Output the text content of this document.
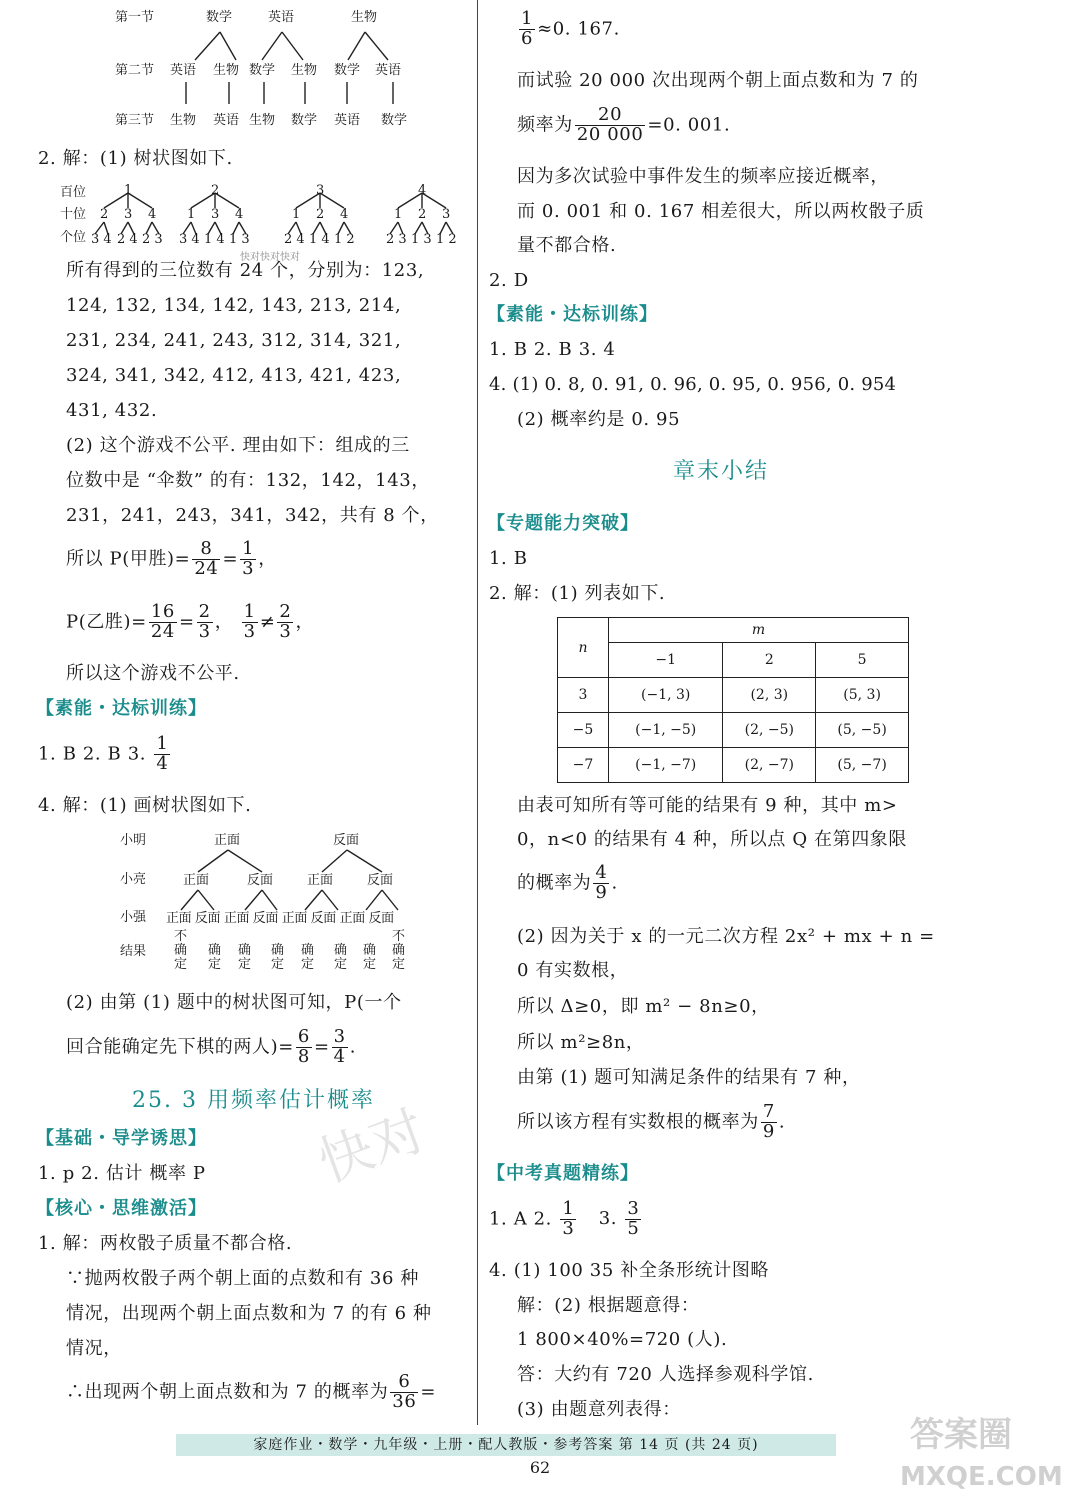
第一节	数学	英语	生物
第二节 英语 生物 数学 生物 数学 英语
第三节 生物 英语 生物 数学 英语 数学
2. 解：(1) 树状图如下.
百位
十位
个位
1	2	3	4
2 3 4 1 3 4	1 2 4	1 2 3
3 4 2 4 2 3 3 4 1 4 1 3	2 4 1 4 1 2 2 3 1 3 1 2
所有得到的三位数有 24 个，分别为：123,
124, 132, 134, 142, 143, 213, 214,
231, 234, 241, 243, 312, 314, 321,
324, 341, 342, 412, 413, 421, 423,
431, 432.
(2) 这个游戏不公平. 理由如下：组成的三
位数中是 “伞数” 的有：132，142，143，
231，241，243，341，342，共有 8 个，
所以 P(甲胜)= $\frac{8}{24} = \frac{1}{3}$ ，
P(乙胜)= $\frac{16}{24} = \frac{2}{3}$ ， $\frac{1}{3} \ne \frac{2}{3}$ ，
所以这个游戏不公平.
【素能・达标训练】
1. B 2. B 3. $\frac{1}{4}$
4. 解：(1) 画树状图如下.
小明
小亮
小强
结果
正面	反面
正面	反面	正面	反面
正面 反面 正面 反面 正面 反面 正面 反面
不确定
确定
确定
确定
确定
确定
确定
不确定
(2) 由第 (1) 题中的树状图可知，P(一个
回合能确定先下棋的两人)= $\frac{6}{8} = \frac{3}{4}$ .
25. 3 用频率估计概率
【基础・导学诱思】
1. p 2. 估计 概率 P
【核心・思维激活】
1. 解：两枚骰子质量不都合格.
∵抛两枚骰子两个朝上面的点数和有 36 种
情况，出现两个朝上面点数和为 7 的有 6 种
情况，
∴出现两个朝上面点数和为 7 的概率为 $\frac{6}{36}$ =
$\frac{1}{6} \approx 0$. 167.
而试验 20 000 次出现两个朝上面点数和为 7 的
频率为 $\frac{20}{20 000} =0$. 001.
因为多次试验中事件发生的频率应接近概率，
而 0. 001 和 0. 167 相差很大，所以两枚骰子质
量不都合格.
2. D
【素能・达标训练】
1. B 2. B 3. 4
4. (1) 0. 8, 0. 91, 0. 96, 0. 95, 0. 956, 0. 954
(2) 概率约是 0. 95
章末小结
【专题能力突破】
1. B
2. 解：(1) 列表如下.
n	m		
	−1	2	5
3	(−1, 3)	(2, 3)	(5, 3)
−5	(−1, −5)	(2, −5)	(5, −5)
−7	(−1, −7)	(2, −7)	(5, −7)
由表可知所有等可能的结果有 9 种，其中 m>
0，n<0 的结果有 4 种，所以点 Q 在第四象限
的概率为 $\frac{4}{9}$ .
(2) 因为关于 x 的一元二次方程 2x² + mx + n =
0 有实数根，
所以 Δ≥0，即 m² − 8n≥0，
所以 m²≥8n，
由第 (1) 题可知满足条件的结果有 7 种，
所以该方程有实数根的概率为 $\frac{7}{9}$ .
【中考真题精练】
1. A 2. $\frac{1}{3} 3$. $\frac{3}{5}$
4. (1) 100 35 补全条形统计图略
解：(2) 根据题意得：
1 800×40%=720 (人).
答：大约有 720 人选择参观科学馆.
(3) 由题意列表得：
快对
快对快对快对
答案圈
MXQE.COM
家庭作业・数学・九年级・上册・配人教版・参考答案 第 14 页 (共 24 页)
62
